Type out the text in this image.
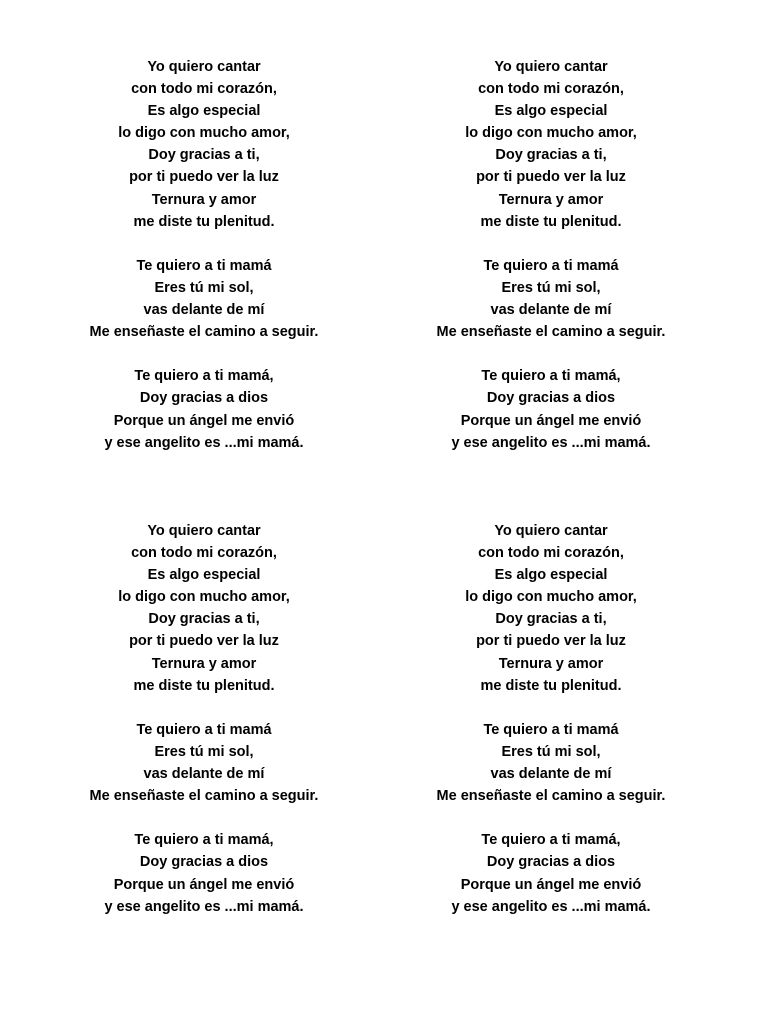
Yo quiero cantar
con todo mi corazón,
Es algo especial
lo digo con mucho amor,
Doy gracias a ti,
por ti puedo ver la luz
Ternura y amor
me diste tu plenitud.
Te quiero a ti mamá
Eres tú mi sol,
vas delante de mí
Me enseñaste el camino a seguir.
Te quiero a ti mamá,
Doy gracias a dios
Porque un ángel me envió
y ese angelito es ...mi mamá.
Yo quiero cantar
con todo mi corazón,
Es algo especial
lo digo con mucho amor,
Doy gracias a ti,
por ti puedo ver la luz
Ternura y amor
me diste tu plenitud.
Te quiero a ti mamá
Eres tú mi sol,
vas delante de mí
Me enseñaste el camino a seguir.
Te quiero a ti mamá,
Doy gracias a dios
Porque un ángel me envió
y ese angelito es ...mi mamá.
Yo quiero cantar
con todo mi corazón,
Es algo especial
lo digo con mucho amor,
Doy gracias a ti,
por ti puedo ver la luz
Ternura y amor
me diste tu plenitud.
Te quiero a ti mamá
Eres tú mi sol,
vas delante de mí
Me enseñaste el camino a seguir.
Te quiero a ti mamá,
Doy gracias a dios
Porque un ángel me envió
y ese angelito es ...mi mamá.
Yo quiero cantar
con todo mi corazón,
Es algo especial
lo digo con mucho amor,
Doy gracias a ti,
por ti puedo ver la luz
Ternura y amor
me diste tu plenitud.
Te quiero a ti mamá
Eres tú mi sol,
vas delante de mí
Me enseñaste el camino a seguir.
Te quiero a ti mamá,
Doy gracias a dios
Porque un ángel me envió
y ese angelito es ...mi mamá.
